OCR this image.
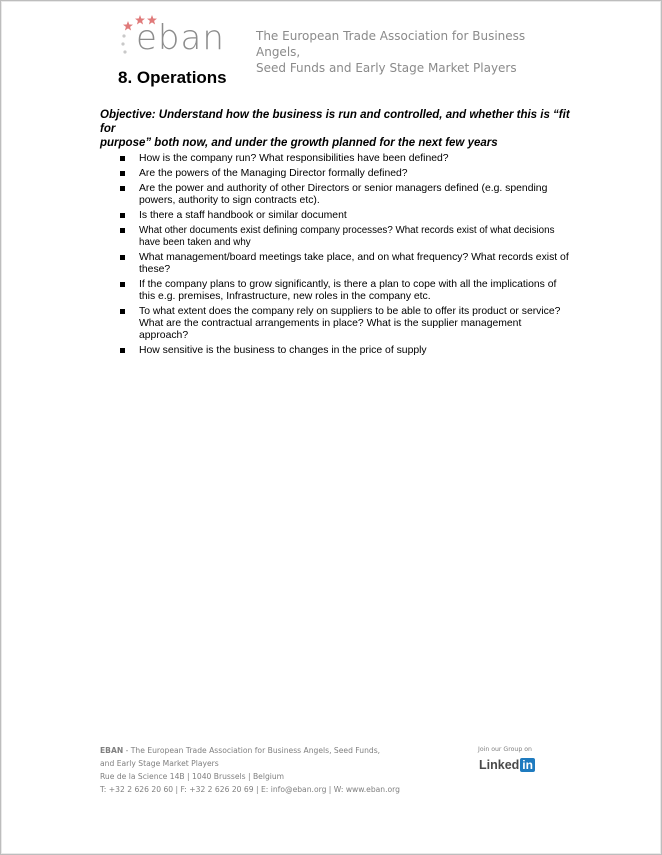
eban	The European Trade Association for Business Angels,
Seed Funds and Early Stage Market Players
8. Operations
Objective: Understand how the business is run and controlled, and whether this is “fit for
purpose” both now, and under the growth planned for the next few years
How is the company run? What responsibilities have been defined?
Are the powers of the Managing Director formally defined?
Are the power and authority of other Directors or senior managers defined (e.g. spending powers, authority to sign contracts etc).
Is there a staff handbook or similar document
What other documents exist defining company processes? What records exist of what decisions have been taken and why
What management/board meetings take place, and on what frequency? What records exist of these?
If the company plans to grow significantly, is there a plan to cope with all the implications of this e.g. premises, Infrastructure, new roles in the company etc.
To what extent does the company rely on suppliers to be able to offer its product or service? What are the contractual arrangements in place? What is the supplier management approach?
How sensitive is the business to changes in the price of supply
EBAN - The European Trade Association for Business Angels, Seed Funds,
and Early Stage Market Players
Rue de la Science 14B | 1040 Brussels | Belgium
T: +32 2 626 20 60 | F: +32 2 626 20 69 | E: info@eban.org | W: www.eban.org
Join our Group on
Linked in
